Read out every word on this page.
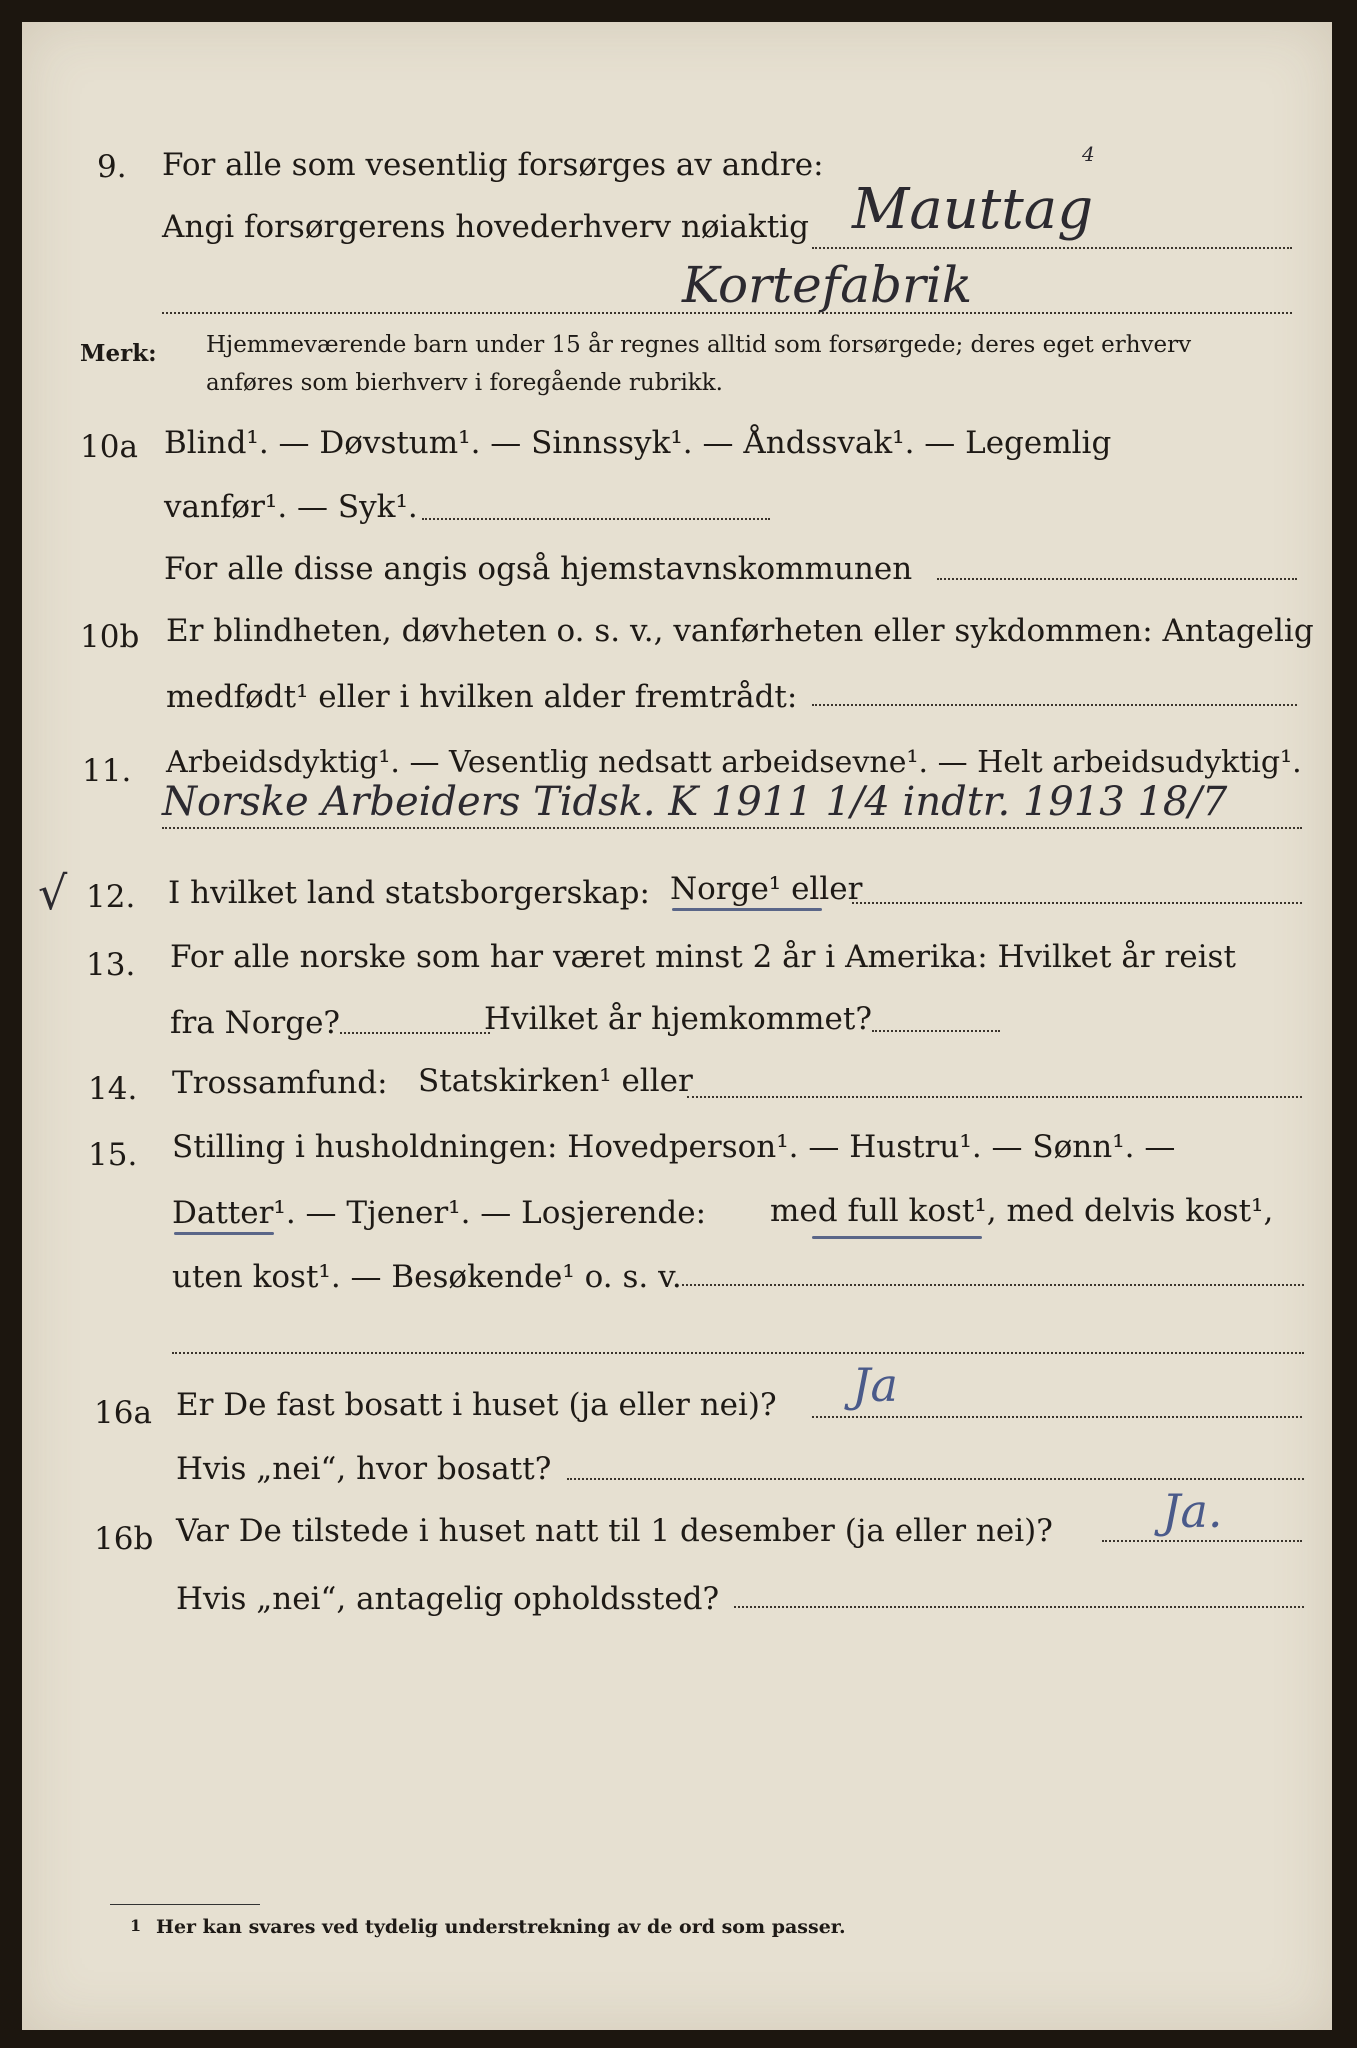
9. For alle som vesentlig forsørges av andre:	4
Angi forsørgerens hovederhverv nøiaktig Mauttag
Kortefabrik
Merk: Hjemmeværende barn under 15 år regnes alltid som forsørgede; deres eget erhverv
anføres som bierhverv i foregående rubrikk.
10a Blind¹. — Døvstum¹. — Sinnssyk¹. — Åndssvak¹. — Legemlig
vanfør¹. — Syk¹.
For alle disse angis også hjemstavnskommunen
10b Er blindheten, døvheten o. s. v., vanførheten eller sykdommen: Antagelig
medfødt¹ eller i hvilken alder fremtrådt:
11. Arbeidsdyktig¹. — Vesentlig nedsatt arbeidsevne¹. — Helt arbeidsudyktig¹.
Norske Arbeiders Tidsk. K 1911 1/4 indtr. 1913 18/7
√ 12. I hvilket land statsborgerskap: Norge¹ eller
13. For alle norske som har været minst 2 år i Amerika: Hvilket år reist
fra Norge?	Hvilket år hjemkommet?
14. Trossamfund: Statskirken¹ eller
15. Stilling i husholdningen: Hovedperson¹. — Hustru¹. — Sønn¹. —
Datter¹. — Tjener¹. — Losjerende: med full kost¹, med delvis kost¹,
uten kost¹. — Besøkende¹ o. s. v.
16a Er De fast bosatt i huset (ja eller nei)? Ja
Hvis „nei“, hvor bosatt?
16b Var De tilstede i huset natt til 1 desember (ja eller nei)? Ja.
Hvis „nei“, antagelig opholdssted?
1 Her kan svares ved tydelig understrekning av de ord som passer.
